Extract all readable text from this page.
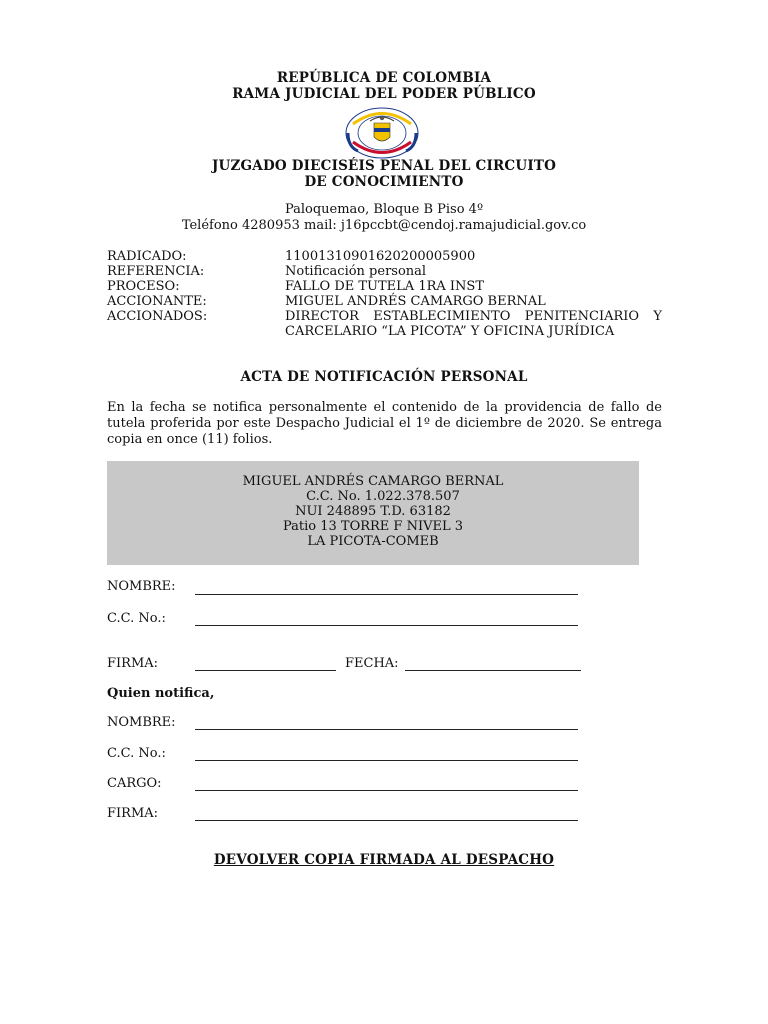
REPÚBLICA DE COLOMBIA
RAMA JUDICIAL DEL PODER PÚBLICO
JUZGADO DIECISÉIS PENAL DEL CIRCUITO
DE CONOCIMIENTO
Paloquemao, Bloque B Piso 4º
Teléfono 4280953 mail: j16pccbt@cendoj.ramajudicial.gov.co
RADICADO:	11001310901620200005900
REFERENCIA:	Notificación personal
PROCESO:	FALLO DE TUTELA 1RA INST
ACCIONANTE:	MIGUEL ANDRÉS CAMARGO BERNAL
ACCIONADOS:	DIRECTOR ESTABLECIMIENTO PENITENCIARIO Y
CARCELARIO “LA PICOTA” Y OFICINA JURÍDICA
ACTA DE NOTIFICACIÓN PERSONAL
En la fecha se notifica personalmente el contenido de la providencia de fallo de tutela proferida por este Despacho Judicial el 1º de diciembre de 2020. Se entrega copia en once (11) folios.
MIGUEL ANDRÉS CAMARGO BERNAL
C.C. No. 1.022.378.507
NUI 248895 T.D. 63182
Patio 13 TORRE F NIVEL 3
LA PICOTA-COMEB
NOMBRE:
C.C. No.:
FIRMA:	FECHA:
Quien notifica,
NOMBRE:
C.C. No.:
CARGO:
FIRMA:
DEVOLVER COPIA FIRMADA AL DESPACHO
